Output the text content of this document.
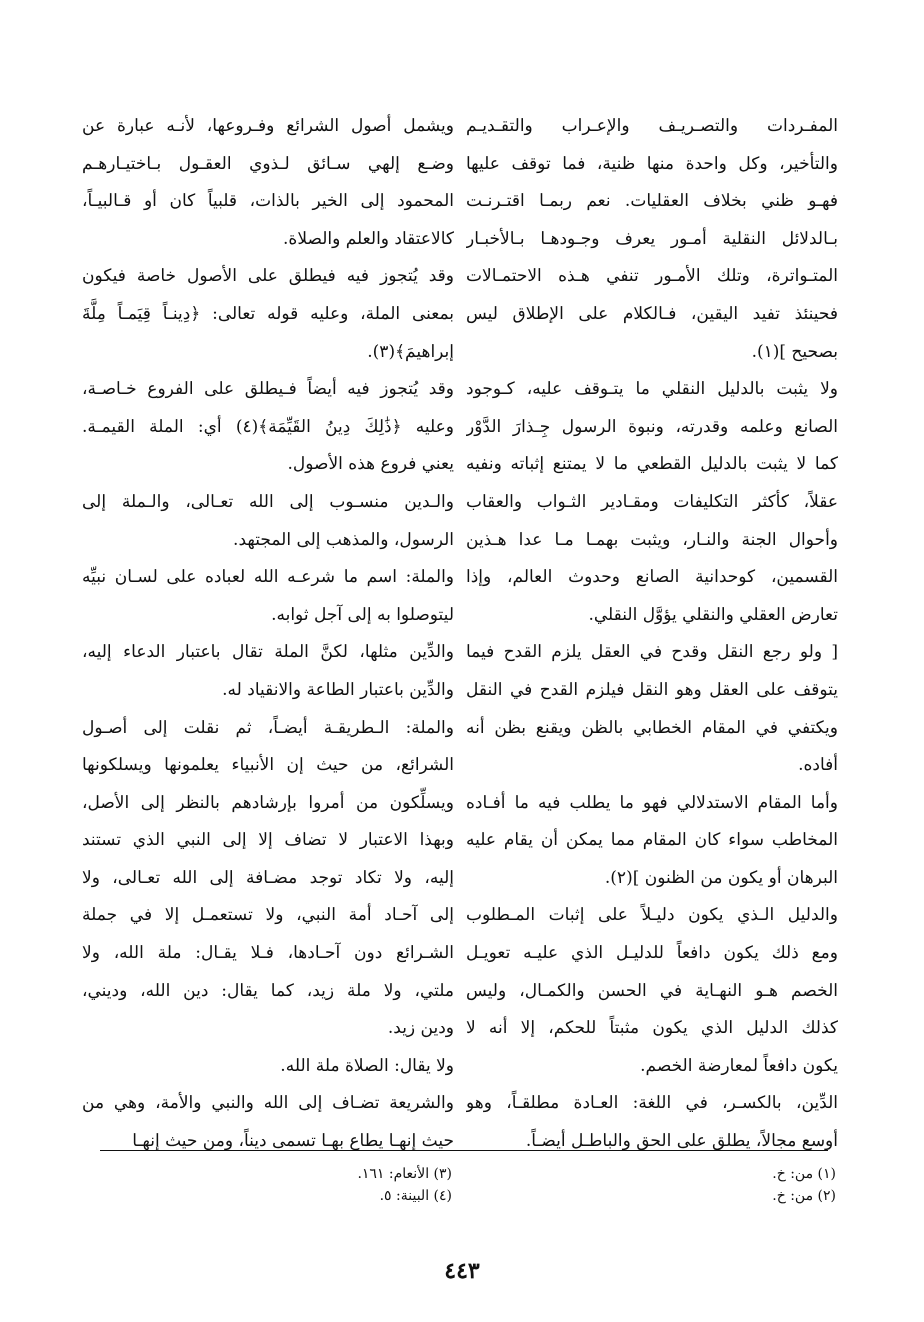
المفـردات والتصـريـف والإعـراب والتقـديـم
والتأخير، وكل واحدة منها ظنية، فما توقف عليها
فهـو ظني بخلاف العقليات. نعم ربمـا اقتـرنـت
بـالدلائل النقلية أمـور يعرف وجـودهـا بـالأخبـار
المتـواترة، وتلك الأمـور تنفي هـذه الاحتمـالات
فحينئذ تفيد اليقين، فـالكلام على الإطلاق ليس
بصحيح ](١).
ولا يثبت بالدليل النقلي ما يتـوقف عليه، كـوجود
الصانع وعلمه وقدرته، ونبوة الرسول جِـذارَ الدَّوْر
كما لا يثبت بالدليل القطعي ما لا يمتنع إثباته ونفيه
عقلاً، كأكثر التكليفات ومقـادير الثـواب والعقاب
وأحوال الجنة والنـار، ويثبت بهمـا مـا عدا هـذين
القسمين، كوحدانية الصانع وحدوث العالم، وإذا
تعارض العقلي والنقلي يؤوَّل النقلي.
[ ولو رجع النقل وقدح في العقل يلزم القدح فيما
يتوقف على العقل وهو النقل فيلزم القدح في النقل
ويكتفي في المقام الخطابي بالظن ويقنع بظن أنه
أفاده.
وأما المقام الاستدلالي فهو ما يطلب فيه ما أفـاده
المخاطب سواء كان المقام مما يمكن أن يقام عليه
البرهان أو يكون من الظنون ](٢).
والدليل الـذي يكون دليـلاً على إثبات المـطلوب
ومع ذلك يكون دافعاً للدليـل الذي عليـه تعويـل
الخصم هـو النهـاية في الحسن والكمـال، وليس
كذلك الدليل الذي يكون مثبتاً للحكم، إلا أنه لا
يكون دافعاً لمعارضة الخصم.
الدِّين، بالكسـر، في اللغة: العـادة مطلقـاً، وهو
أوسع مجالاً، يطلق على الحق والباطـل أيضـاً.
ويشمل أصول الشرائع وفـروعها، لأنـه عبارة عن
وضـع إلهي سـائق لـذوي العقـول بـاختيـارهـم
المحمود إلى الخير بالذات، قلبياً كان أو قـالبيـاً،
كالاعتقاد والعلم والصلاة.
وقد يُتجوز فيه فيطلق على الأصول خاصة فيكون
بمعنى الملة، وعليه قوله تعالى: ﴿دِينـاً قِيَمـاً مِلَّةَ
إبراهيمَ﴾(٣).
وقد يُتجوز فيه أيضاً فـيطلق على الفروع خـاصـة،
وعليه ﴿ذَٰلِكَ دِينُ القَيِّمَة﴾(٤) أي: الملة القيمـة.
يعني فروع هذه الأصول.
والـدين منسـوب إلى الله تعـالى، والـملة إلى
الرسول، والمذهب إلى المجتهد.
والملة: اسم ما شرعـه الله لعباده على لسـان نبيِّه
ليتوصلوا به إلى آجل ثوابه.
والدِّين مثلها، لكنَّ الملة تقال باعتبار الدعاء إليه،
والدِّين باعتبار الطاعة والانقياد له.
والملة: الـطريقـة أيضـاً، ثم نقلت إلى أصـول
الشرائع، من حيث إن الأنبياء يعلمونها ويسلكونها
ويسلِّكون من أمروا بإرشادهم بالنظر إلى الأصل،
وبهذا الاعتبار لا تضاف إلا إلى النبي الذي تستند
إليه، ولا تكاد توجد مضـافة إلى الله تعـالى، ولا
إلى آحـاد أمة النبي، ولا تستعمـل إلا في جملة
الشـرائع دون آحـادها، فـلا يقـال: ملة الله، ولا
ملتي، ولا ملة زيد، كما يقال: دين الله، وديني،
ودين زيد.
ولا يقال: الصلاة ملة الله.
والشريعة تضـاف إلى الله والنبي والأمة، وهي من
حيث إنهـا يطاع بهـا تسمى ديناً، ومن حيث إنهـا
(١) من: خ.
(٢) من: خ.
(٣) الأنعام: ١٦١.
(٤) البينة: ٥.
٤٤٣
